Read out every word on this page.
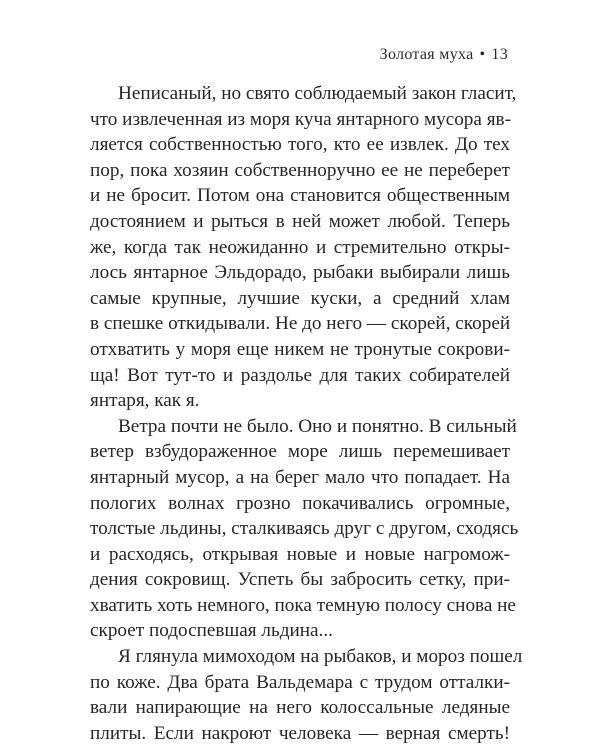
Золотая муха • 13

Неписаный, но свято соблюдаемый закон гласит,
что извлеченная из моря куча янтарного мусора яв-
ляется собственностью того, кто ее извлек. До тех
пор, пока хозяин собственноручно ее не переберет
и не бросит. Потом она становится общественным
достоянием и рыться в ней может любой. Теперь
же, когда так неожиданно и стремительно откры-
лось янтарное Эльдорадо, рыбаки выбирали лишь
самые крупные, лучшие куски, а средний хлам
в спешке откидывали. Не до него — скорей, скорей
отхватить у моря еще никем не тронутые сокрови-
ща! Вот тут-то и раздолье для таких собирателей
янтаря, как я.

Ветра почти не было. Оно и понятно. В сильный
ветер взбудораженное море лишь перемешивает
янтарный мусор, а на берег мало что попадает. На
пологих волнах грозно покачивались огромные,
толстые льдины, сталкиваясь друг с другом, сходясь
и расходясь, открывая новые и новые нагромож-
дения сокровищ. Успеть бы забросить сетку, при-
хватить хоть немного, пока темную полосу снова не
скроет подоспевшая льдина...

Я глянула мимоходом на рыбаков, и мороз пошел
по коже. Два брата Вальдемара с трудом отталки-
вали напирающие на него колоссальные ледяные
плиты. Если накроют человека — верная смерть!
